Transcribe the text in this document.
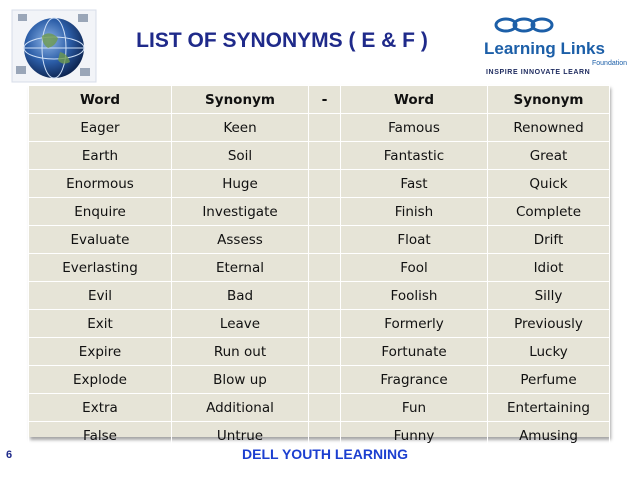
LIST OF SYNONYMS ( E & F )	Learning Links
Foundation
INSPIRE INNOVATE LEARN
Word	Synonym	-	Word	Synonym
Eager	Keen		Famous	Renowned
Earth	Soil		Fantastic	Great
Enormous	Huge		Fast	Quick
Enquire	Investigate		Finish	Complete
Evaluate	Assess		Float	Drift
Everlasting	Eternal		Fool	Idiot
Evil	Bad		Foolish	Silly
Exit	Leave		Formerly	Previously
Expire	Run out		Fortunate	Lucky
Explode	Blow up		Fragrance	Perfume
Extra	Additional		Fun	Entertaining
False	Untrue		Funny	Amusing
6	DELL YOUTH LEARNING
